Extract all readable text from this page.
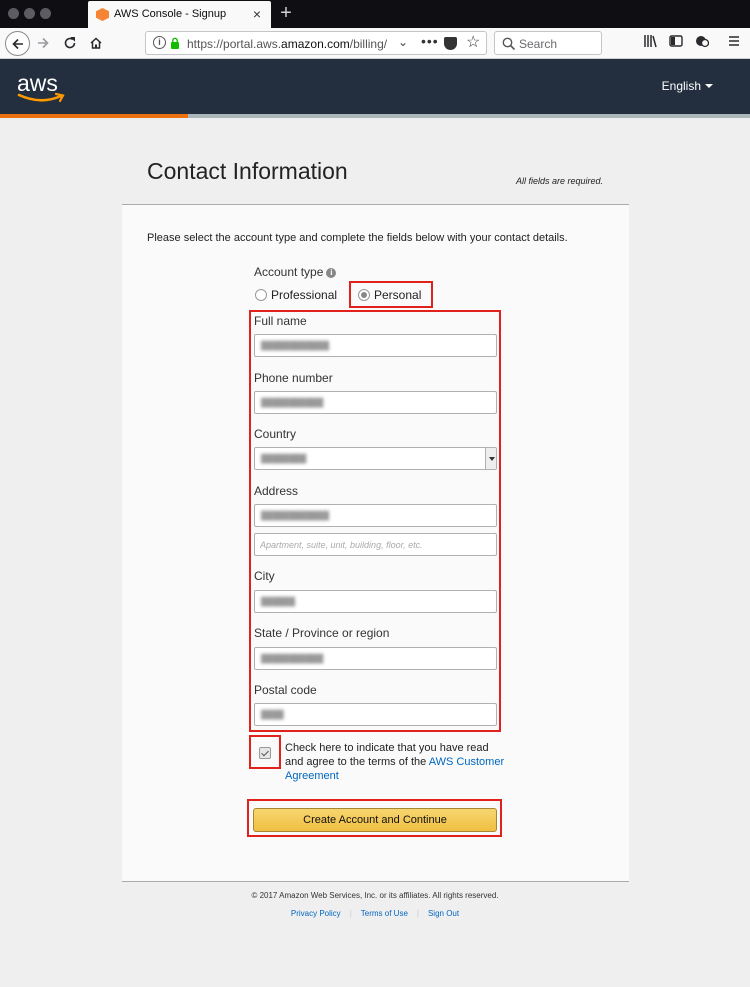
AWS Console - Signup × +
i	https://portal.aws.amazon.com/billing/ ⌄ ••• ☆	Search
aws	English
Contact Information	All fields are required.

Please select the account type and complete the fields below with your contact details.

Account type i
Professional	Personal
Full name
████████████
Phone number
███████████
Country
████████
Address
████████████
Apartment, suite, unit, building, floor, etc.
City
██████
State / Province or region
███████████
Postal code
████

Check here to indicate that you have read and agree to the terms of the AWS Customer Agreement

Create Account and Continue
© 2017 Amazon Web Services, Inc. or its affiliates. All rights reserved.
Privacy Policy | Terms of Use | Sign Out
